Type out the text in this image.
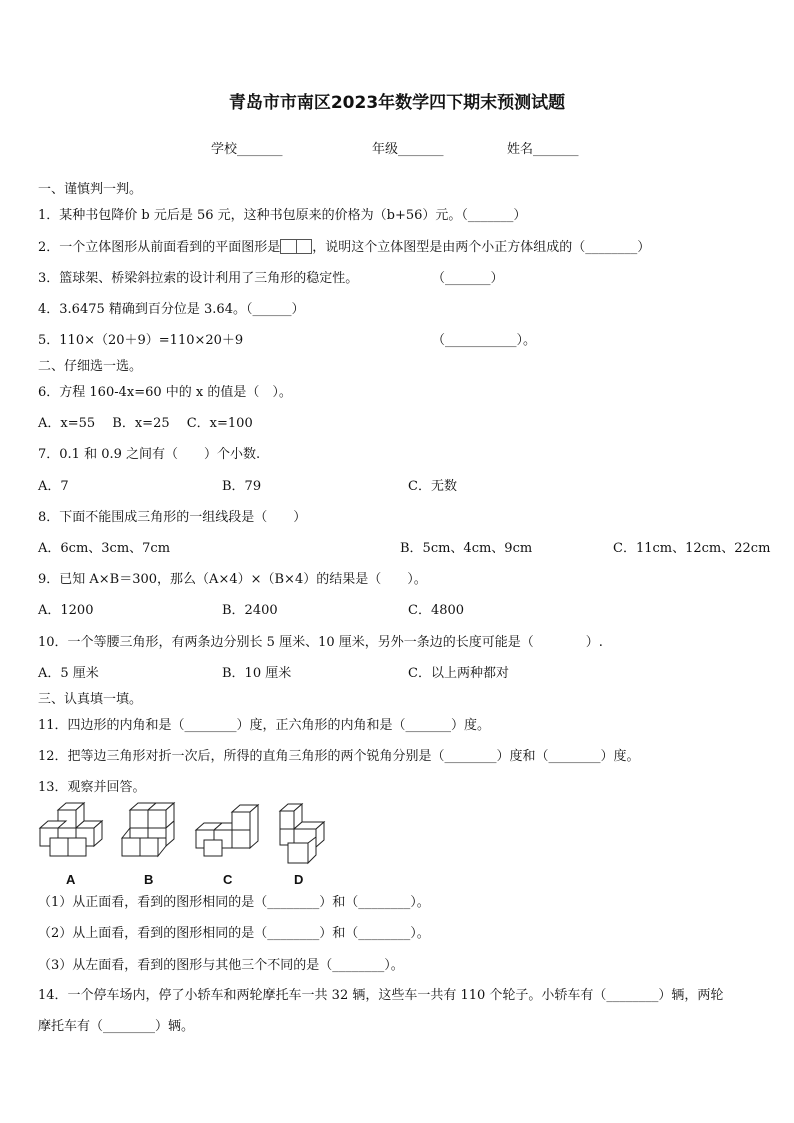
青岛市市南区2023年数学四下期末预测试题
学校_______	年级_______	姓名_______
一、谨慎判一判。
1．某种书包降价 b 元后是 56 元，这种书包原来的价格为（b+56）元。（_______）
2．一个立体图形从前面看到的平面图形是 ，说明这个立体图型是由两个小正方体组成的（________）
3．篮球架、桥梁斜拉索的设计利用了三角形的稳定性。	（_______）
4．3.6475 精确到百分位是 3.64。（______）
5．110×（20＋9）=110×20＋9	（___________）。
二、仔细选一选。
6．方程 160-4x=60 中的 x 的值是（　）。
A．x=55　 B．x=25　 C．x=100
7．0.1 和 0.9 之间有（　　）个小数.
A．7	B．79	C．无数
8．下面不能围成三角形的一组线段是（　　）
A．6cm、3cm、7cm	B．5cm、4cm、9cm	C．11cm、12cm、22cm
9．已知 A×B＝300，那么（A×4）×（B×4）的结果是（　　）。
A．1200	B．2400	C．4800
10．一个等腰三角形，有两条边分别长 5 厘米、10 厘米，另外一条边的长度可能是（　　　　）.
A．5 厘米	B．10 厘米	C．以上两种都对
三、认真填一填。
11．四边形的内角和是（________）度，正六角形的内角和是（_______）度。
12．把等边三角形对折一次后，所得的直角三角形的两个锐角分别是（________）度和（________）度。
13．观察并回答。
A	B	C	D
（1）从正面看，看到的图形相同的是（________）和（________）。
（2）从上面看，看到的图形相同的是（________）和（________）。
（3）从左面看，看到的图形与其他三个不同的是（________）。
14．一个停车场内，停了小轿车和两轮摩托车一共 32 辆，这些车一共有 110 个轮子。小轿车有（________）辆，两轮
摩托车有（________）辆。
